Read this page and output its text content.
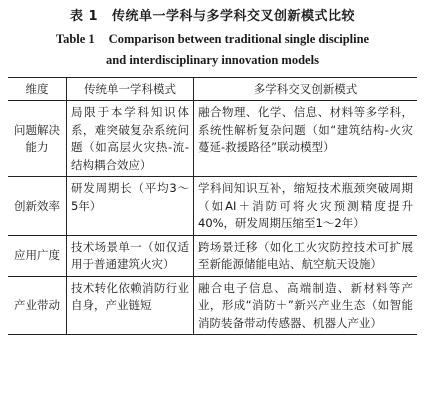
表 1 传统单一学科与多学科交叉创新模式比较
Table 1 Comparison between traditional single discipline
and interdisciplinary innovation models
维度	传统单一学科模式	多学科交叉创新模式
问题解决能力	局限于本学科知识体系，难突破复杂系统问题（如高层火灾热-流-结构耦合效应）	融合物理、化学、信息、材料等多学科，系统性解析复杂问题（如“建筑结构-火灾蔓延-救援路径”联动模型）
创新效率	研发周期长（平均3～5年）	学科间知识互补，缩短技术瓶颈突破周期（如AI＋消防可将火灾预测精度提升40%，研发周期压缩至1～2年）
应用广度	技术场景单一（如仅适用于普通建筑火灾）	跨场景迁移（如化工火灾防控技术可扩展至新能源储能电站、航空航天设施）
产业带动	技术转化依赖消防行业自身，产业链短	融合电子信息、高端制造、新材料等产业，形成“消防＋”新兴产业生态（如智能消防装备带动传感器、机器人产业）
